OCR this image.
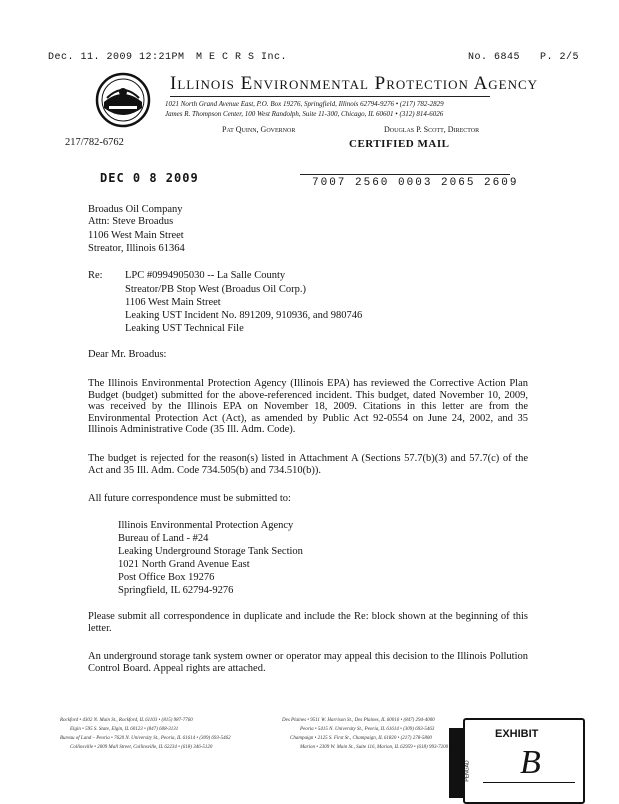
Dec. 11. 2009 12:21PM M E C R S Inc.	No. 6845 P. 2/5
Illinois Environmental Protection Agency
1021 North Grand Avenue East, P.O. Box 19276, Springfield, Illinois 62794-9276 • (217) 782-2829
James R. Thompson Center, 100 West Randolph, Suite 11-300, Chicago, IL 60601 • (312) 814-6026
Pat Quinn, Governor	Douglas P. Scott, Director
217/782-6762	CERTIFIED MAIL
DEC 0 8 2009	7007 2560 0003 2065 2609
Broadus Oil Company
Attn: Steve Broadus
1106 West Main Street
Streator, Illinois 61364
Re: LPC #0994905030 -- La Salle County
Streator/PB Stop West (Broadus Oil Corp.)
1106 West Main Street
Leaking UST Incident No. 891209, 910936, and 980746
Leaking UST Technical File
Dear Mr. Broadus:
The Illinois Environmental Protection Agency (Illinois EPA) has reviewed the Corrective Action Plan Budget (budget) submitted for the above-referenced incident. This budget, dated November 10, 2009, was received by the Illinois EPA on November 18, 2009. Citations in this letter are from the Environmental Protection Act (Act), as amended by Public Act 92-0554 on June 24, 2002, and 35 Illinois Administrative Code (35 Ill. Adm. Code).
The budget is rejected for the reason(s) listed in Attachment A (Sections 57.7(b)(3) and 57.7(c) of the Act and 35 Ill. Adm. Code 734.505(b) and 734.510(b)).
All future correspondence must be submitted to:
Illinois Environmental Protection Agency
Bureau of Land - #24
Leaking Underground Storage Tank Section
1021 North Grand Avenue East
Post Office Box 19276
Springfield, IL 62794-9276
Please submit all correspondence in duplicate and include the Re: block shown at the beginning of this letter.
An underground storage tank system owner or operator may appeal this decision to the Illinois Pollution Control Board. Appeal rights are attached.
Rockford • 4302 N. Main St., Rockford, IL 61103 • (815) 987-7760
Elgin • 595 S. State, Elgin, IL 60123 • (847) 608-3131
Bureau of Land – Peoria • 7620 N. University St., Peoria, IL 61614 • (309) 693-5462
Collinsville • 2009 Mall Street, Collinsville, IL 62234 • (618) 346-5120
Des Plaines • 9511 W. Harrison St., Des Plaines, IL 60016 • (847) 294-4000
Peoria • 5415 N. University St., Peoria, IL 61614 • (309) 693-5463
Champaign • 2125 S. First St., Champaign, IL 61820 • (217) 278-5800
Marion • 2309 W. Main St., Suite 116, Marion, IL 62959 • (618) 993-7200
EXHIBIT
B
PENGAD
